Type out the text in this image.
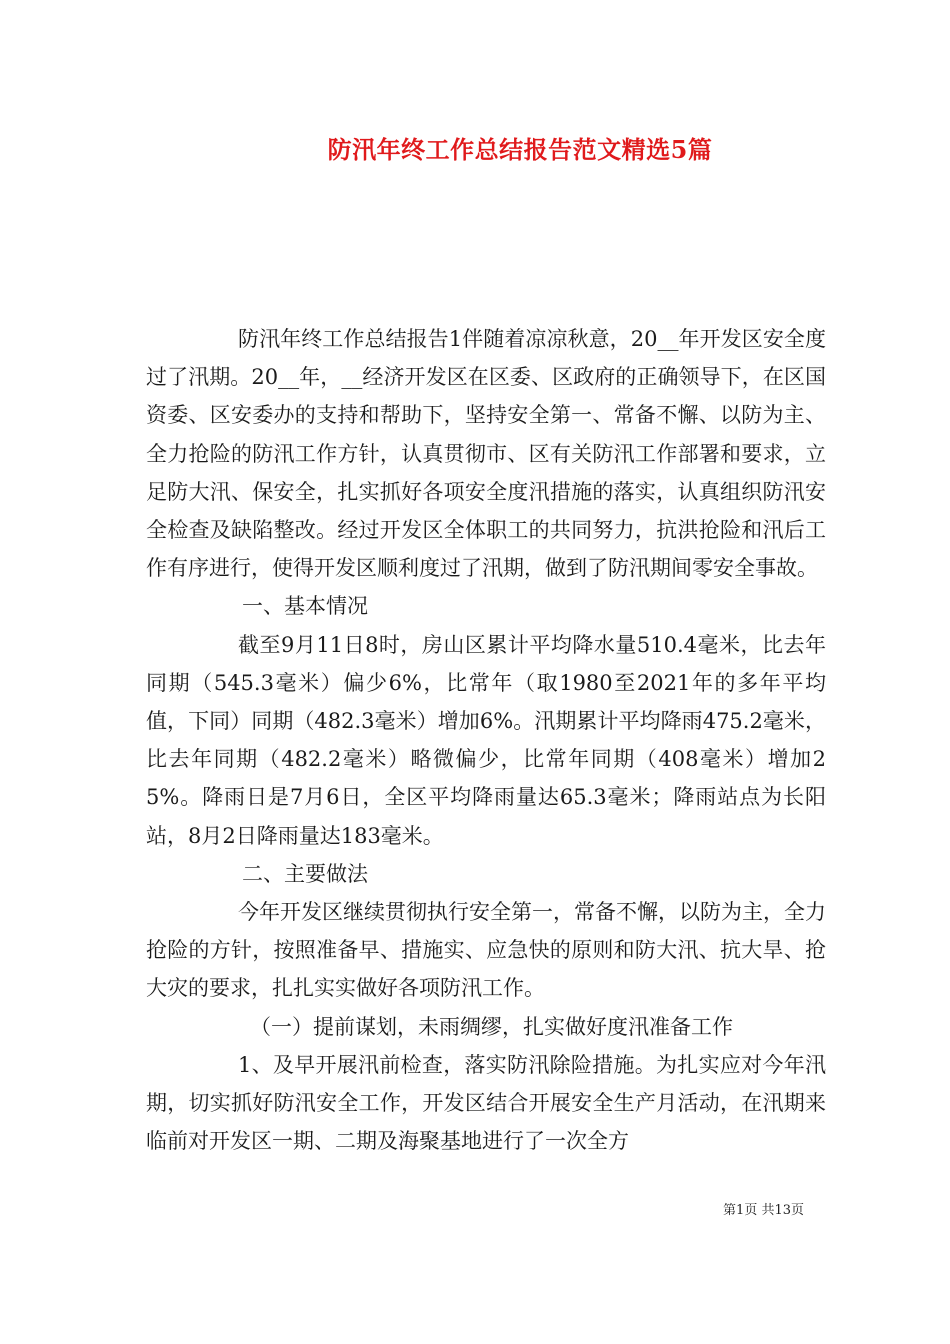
防汛年终工作总结报告范文精选5篇

防汛年终工作总结报告1伴随着凉凉秋意，20__年开发区安全度过了汛期。20__年，__经济开发区在区委、区政府的正确领导下，在区国资委、区安委办的支持和帮助下，坚持安全第一、常备不懈、以防为主、全力抢险的防汛工作方针，认真贯彻市、区有关防汛工作部署和要求，立足防大汛、保安全，扎实抓好各项安全度汛措施的落实，认真组织防汛安全检查及缺陷整改。经过开发区全体职工的共同努力，抗洪抢险和汛后工作有序进行，使得开发区顺利度过了汛期，做到了防汛期间零安全事故。

一、基本情况

截至9月11日8时，房山区累计平均降水量510.4毫米，比去年同期（545.3毫米）偏少6%，比常年（取1980至2021年的多年平均值，下同）同期（482.3毫米）增加6%。汛期累计平均降雨475.2毫米，比去年同期（482.2毫米）略微偏少，比常年同期（408毫米）增加25%。降雨日是7月6日，全区平均降雨量达65.3毫米；降雨站点为长阳站，8月2日降雨量达183毫米。

二、主要做法

今年开发区继续贯彻执行安全第一，常备不懈，以防为主，全力抢险的方针，按照准备早、措施实、应急快的原则和防大汛、抗大旱、抢大灾的要求，扎扎实实做好各项防汛工作。

（一）提前谋划，未雨绸缪，扎实做好度汛准备工作

1、及早开展汛前检查，落实防汛除险措施。为扎实应对今年汛期，切实抓好防汛安全工作，开发区结合开展安全生产月活动，在汛期来临前对开发区一期、二期及海聚基地进行了一次全方

第1页 共13页
